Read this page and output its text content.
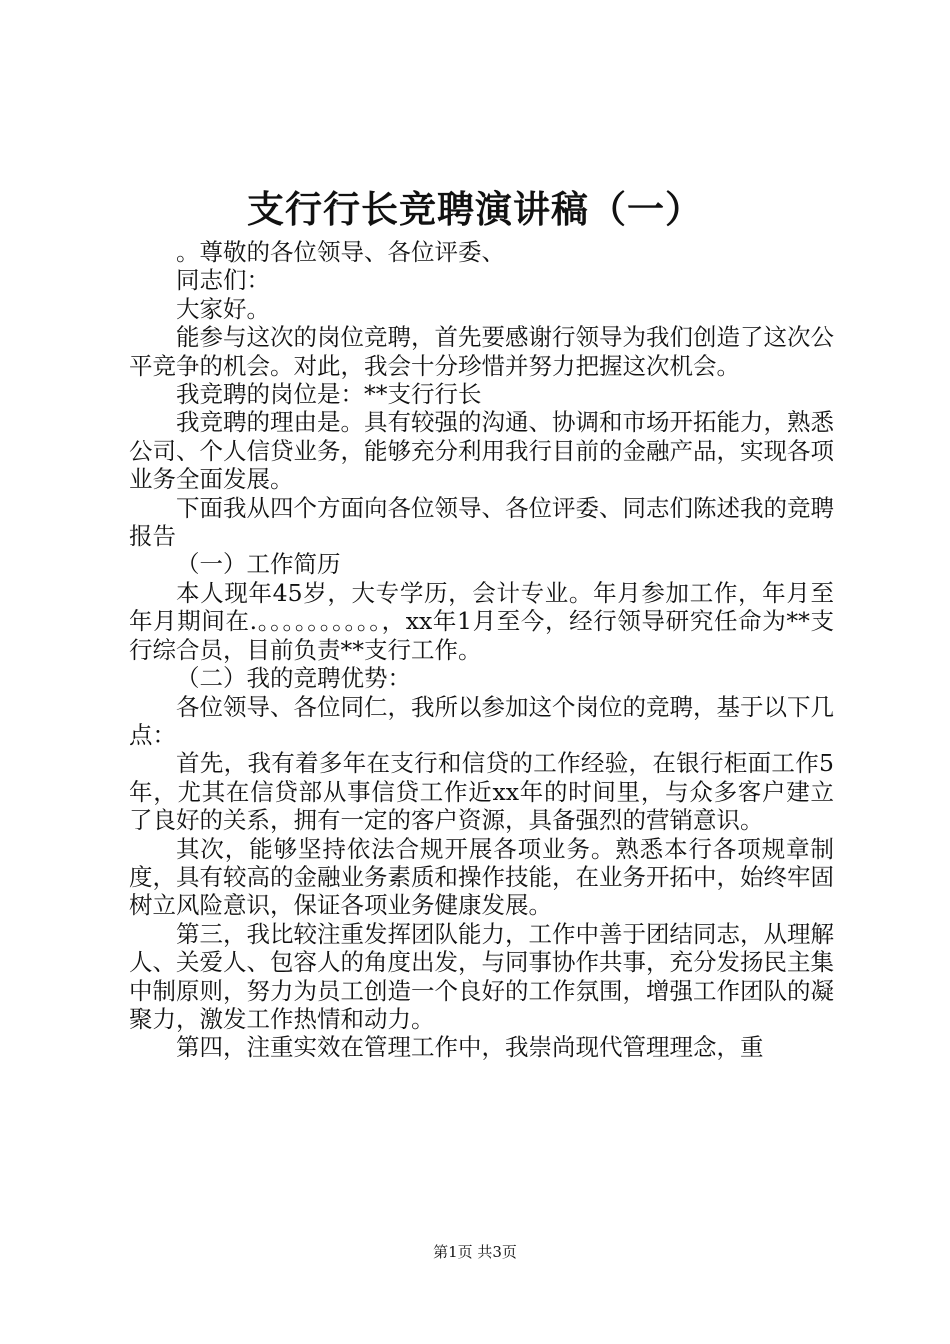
支行行长竞聘演讲稿（一）

。尊敬的各位领导、各位评委、

同志们：

大家好。

能参与这次的岗位竞聘，首先要感谢行领导为我们创造了这次公平竞争的机会。对此，我会十分珍惜并努力把握这次机会。

我竞聘的岗位是：**支行行长

我竞聘的理由是。具有较强的沟通、协调和市场开拓能力，熟悉公司、个人信贷业务，能够充分利用我行目前的金融产品，实现各项业务全面发展。

下面我从四个方面向各位领导、各位评委、同志们陈述我的竞聘报告

（一）工作简历

本人现年45岁，大专学历，会计专业。年月参加工作，年月至年月期间在.。。。。。。。。。。，xx年1月至今，经行领导研究任命为**支行综合员，目前负责**支行工作。

（二）我的竞聘优势：

各位领导、各位同仁，我所以参加这个岗位的竞聘，基于以下几点：

首先，我有着多年在支行和信贷的工作经验，在银行柜面工作5年，尤其在信贷部从事信贷工作近xx年的时间里，与众多客户建立了良好的关系，拥有一定的客户资源，具备强烈的营销意识。

其次，能够坚持依法合规开展各项业务。熟悉本行各项规章制度，具有较高的金融业务素质和操作技能，在业务开拓中，始终牢固树立风险意识，保证各项业务健康发展。

第三，我比较注重发挥团队能力，工作中善于团结同志，从理解人、关爱人、包容人的角度出发，与同事协作共事，充分发扬民主集中制原则，努力为员工创造一个良好的工作氛围，增强工作团队的凝聚力，激发工作热情和动力。

第四，注重实效在管理工作中，我崇尚现代管理理念，重

第1页 共3页
